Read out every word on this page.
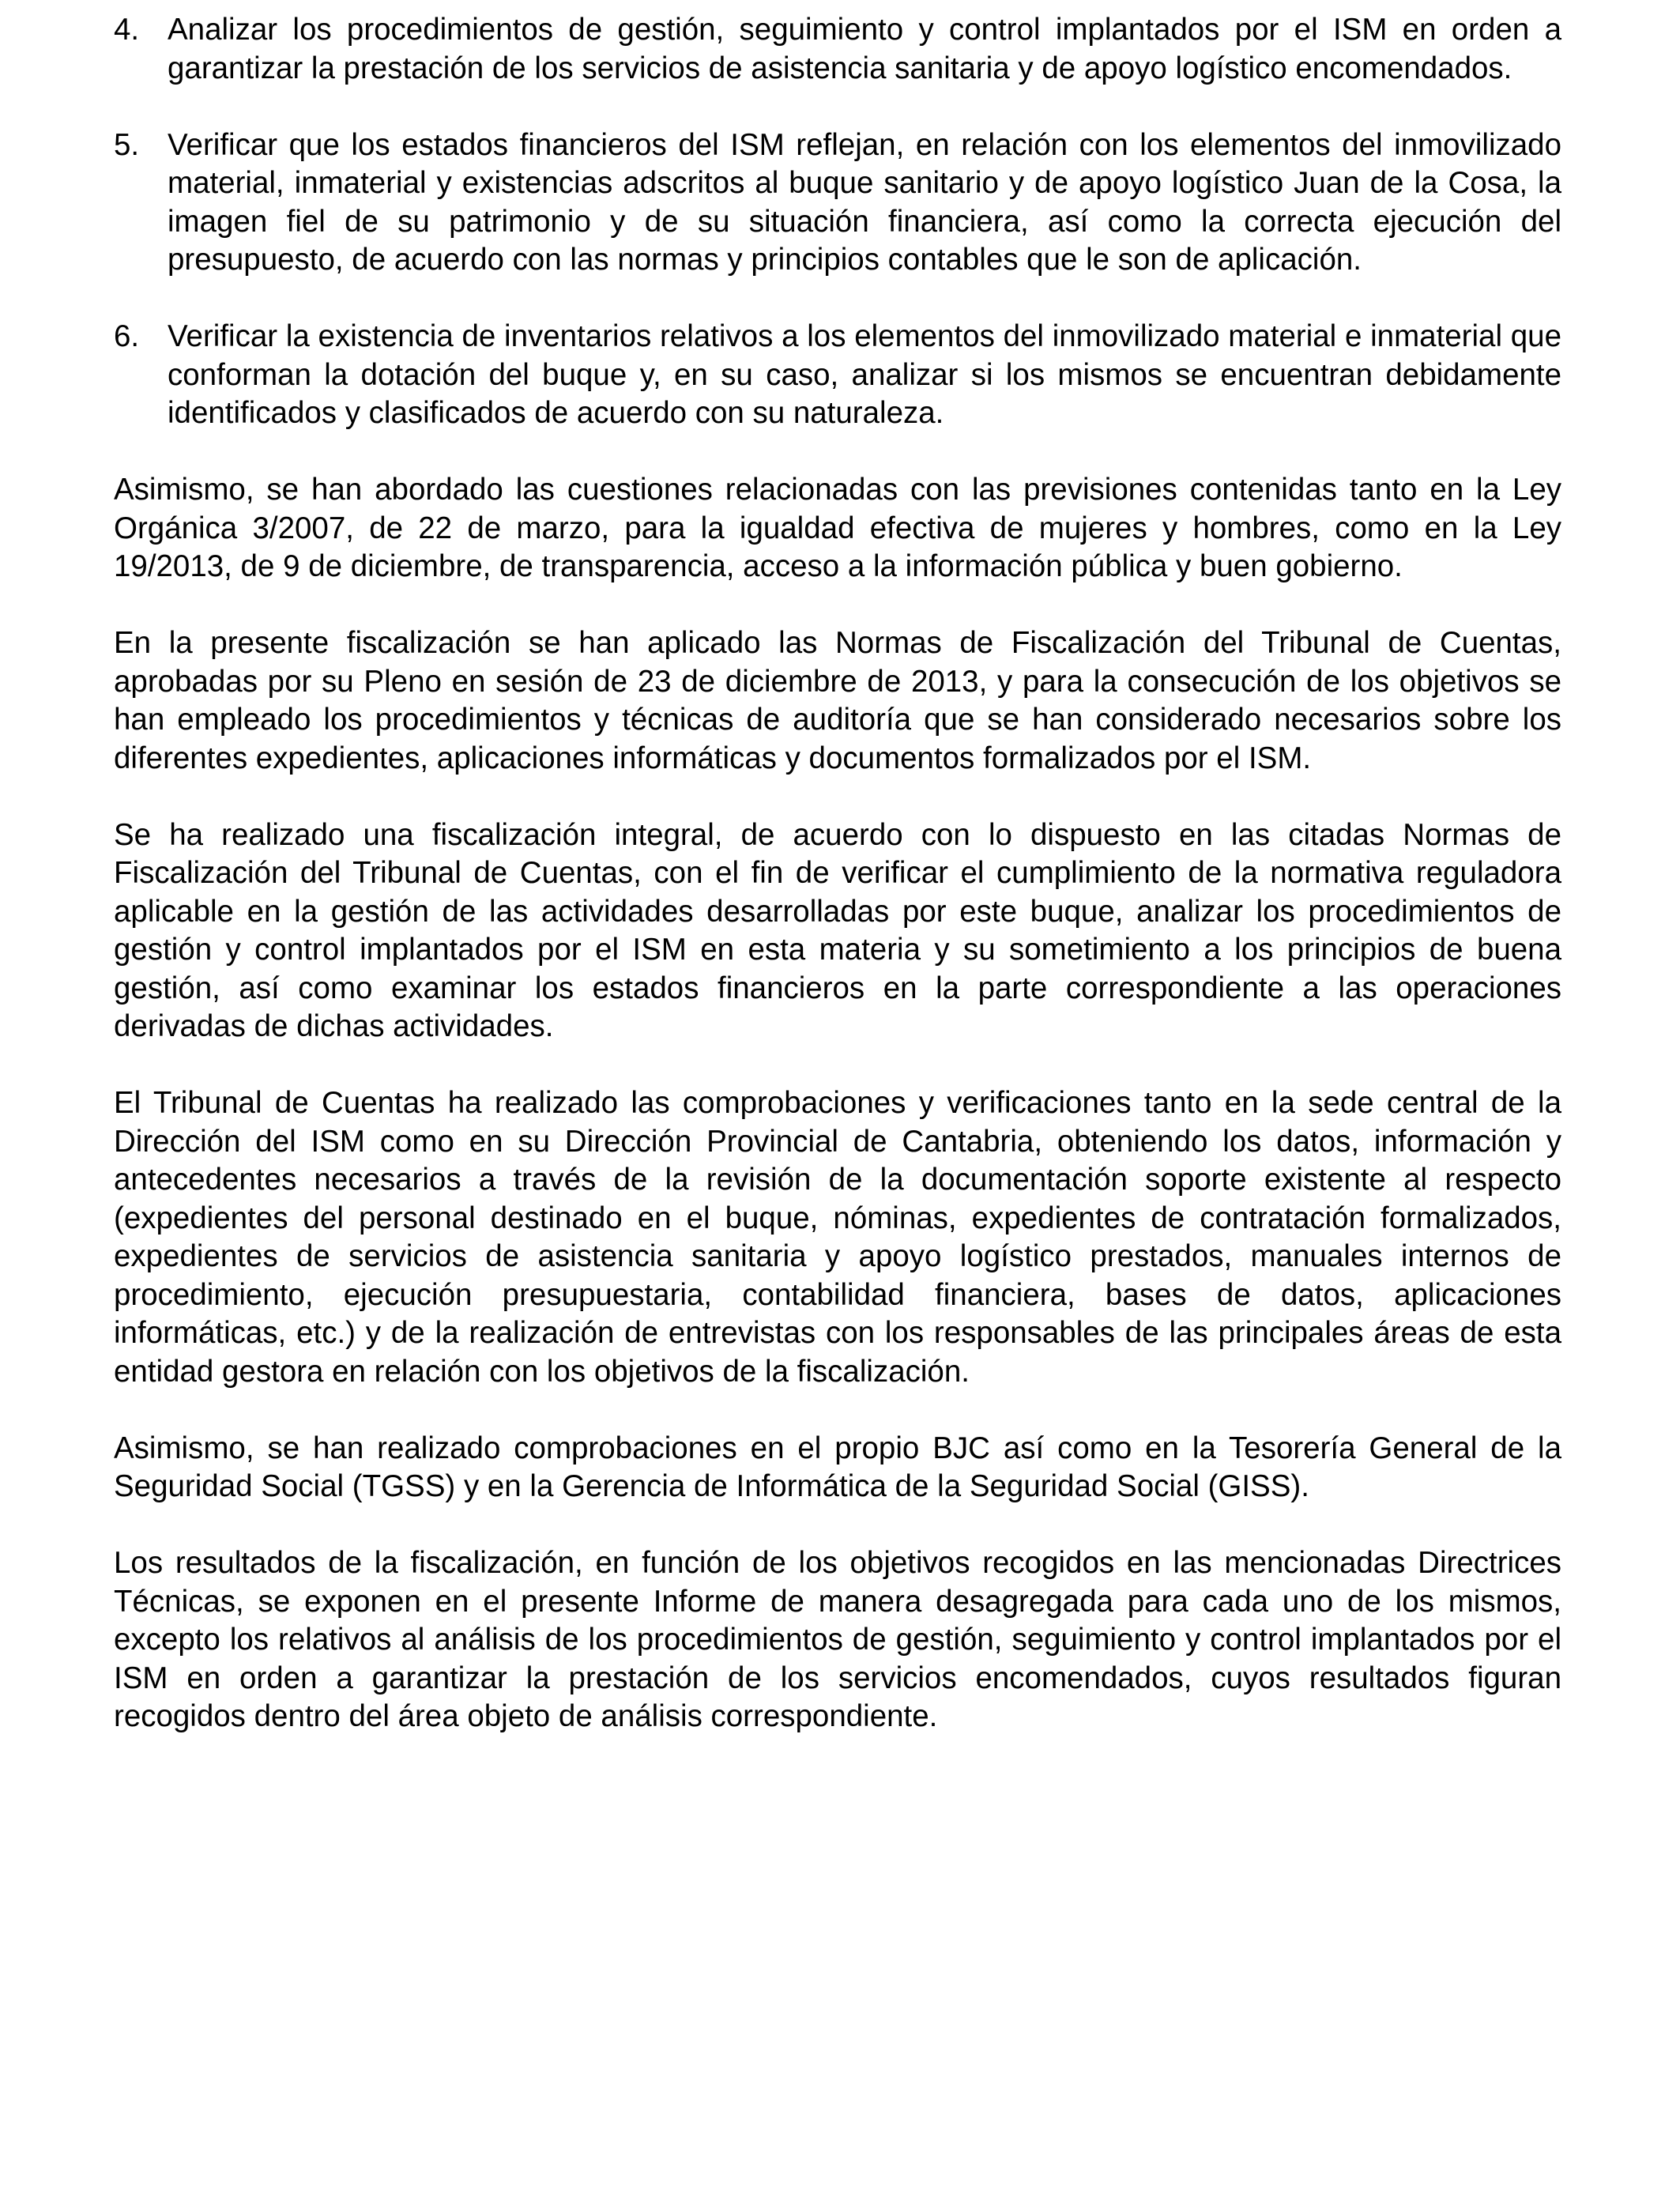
4. Analizar los procedimientos de gestión, seguimiento y control implantados por el ISM en orden a garantizar la prestación de los servicios de asistencia sanitaria y de apoyo logístico encomendados.
5. Verificar que los estados financieros del ISM reflejan, en relación con los elementos del inmovilizado material, inmaterial y existencias adscritos al buque sanitario y de apoyo logístico Juan de la Cosa, la imagen fiel de su patrimonio y de su situación financiera, así como la correcta ejecución del presupuesto, de acuerdo con las normas y principios contables que le son de aplicación.
6. Verificar la existencia de inventarios relativos a los elementos del inmovilizado material e inmaterial que conforman la dotación del buque y, en su caso, analizar si los mismos se encuentran debidamente identificados y clasificados de acuerdo con su naturaleza.

Asimismo, se han abordado las cuestiones relacionadas con las previsiones contenidas tanto en la Ley Orgánica 3/2007, de 22 de marzo, para la igualdad efectiva de mujeres y hombres, como en la Ley 19/2013, de 9 de diciembre, de transparencia, acceso a la información pública y buen gobierno.

En la presente fiscalización se han aplicado las Normas de Fiscalización del Tribunal de Cuentas, aprobadas por su Pleno en sesión de 23 de diciembre de 2013, y para la consecución de los objetivos se han empleado los procedimientos y técnicas de auditoría que se han considerado necesarios sobre los diferentes expedientes, aplicaciones informáticas y documentos formalizados por el ISM.

Se ha realizado una fiscalización integral, de acuerdo con lo dispuesto en las citadas Normas de Fiscalización del Tribunal de Cuentas, con el fin de verificar el cumplimiento de la normativa reguladora aplicable en la gestión de las actividades desarrolladas por este buque, analizar los procedimientos de gestión y control implantados por el ISM en esta materia y su sometimiento a los principios de buena gestión, así como examinar los estados financieros en la parte correspondiente a las operaciones derivadas de dichas actividades.

El Tribunal de Cuentas ha realizado las comprobaciones y verificaciones tanto en la sede central de la Dirección del ISM como en su Dirección Provincial de Cantabria, obteniendo los datos, información y antecedentes necesarios a través de la revisión de la documentación soporte existente al respecto (expedientes del personal destinado en el buque, nóminas, expedientes de contratación formalizados, expedientes de servicios de asistencia sanitaria y apoyo logístico prestados, manuales internos de procedimiento, ejecución presupuestaria, contabilidad financiera, bases de datos, aplicaciones informáticas, etc.) y de la realización de entrevistas con los responsables de las principales áreas de esta entidad gestora en relación con los objetivos de la fiscalización.

Asimismo, se han realizado comprobaciones en el propio BJC así como en la Tesorería General de la Seguridad Social (TGSS) y en la Gerencia de Informática de la Seguridad Social (GISS).

Los resultados de la fiscalización, en función de los objetivos recogidos en las mencionadas Directrices Técnicas, se exponen en el presente Informe de manera desagregada para cada uno de los mismos, excepto los relativos al análisis de los procedimientos de gestión, seguimiento y control implantados por el ISM en orden a garantizar la prestación de los servicios encomendados, cuyos resultados figuran recogidos dentro del área objeto de análisis correspondiente.
